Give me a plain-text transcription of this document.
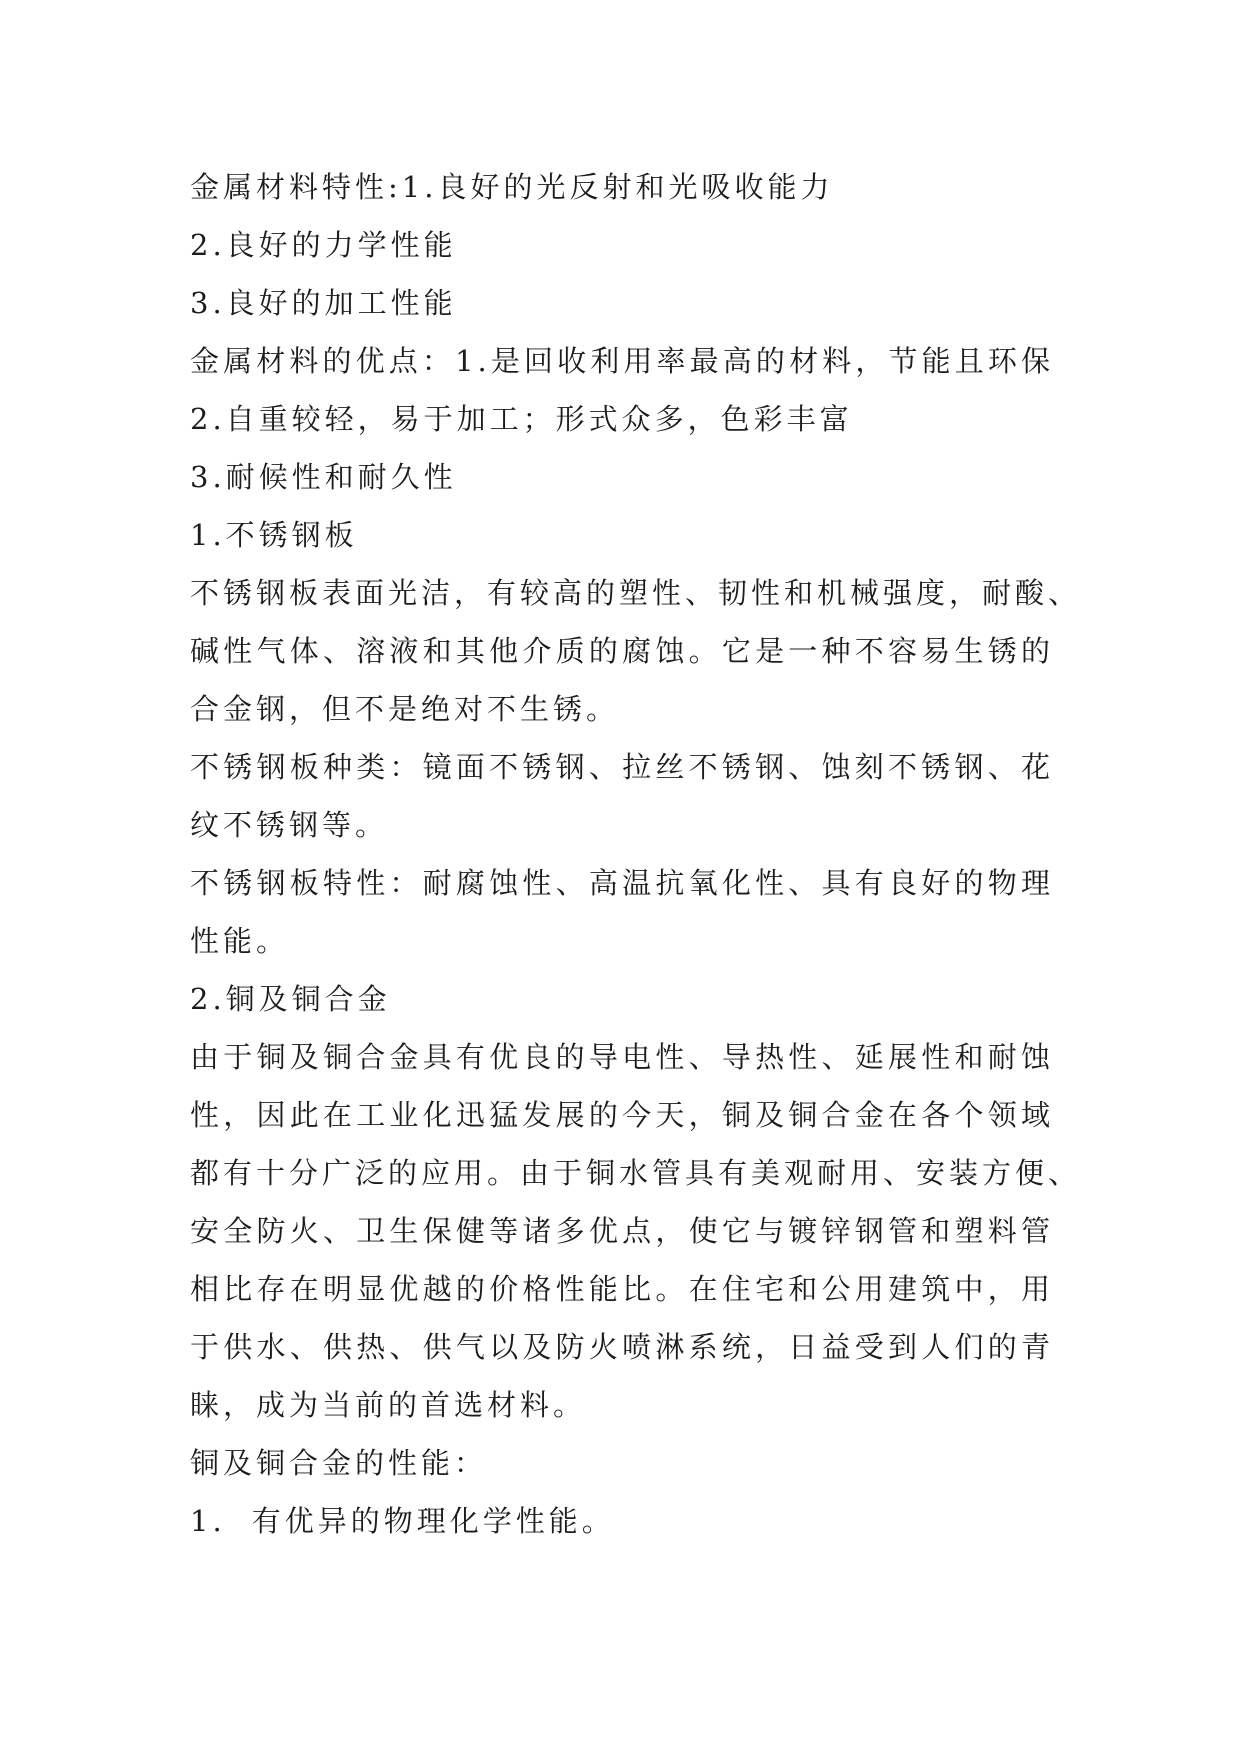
金属材料特性:1.良好的光反射和光吸收能力
2.良好的力学性能
3.良好的加工性能
金属材料的优点：1.是回收利用率最高的材料，节能且环保
2.自重较轻，易于加工；形式众多，色彩丰富
3.耐候性和耐久性
1.不锈钢板
不锈钢板表面光洁，有较高的塑性、韧性和机械强度，耐酸、
碱性气体、溶液和其他介质的腐蚀。它是一种不容易生锈的
合金钢，但不是绝对不生锈。
不锈钢板种类：镜面不锈钢、拉丝不锈钢、蚀刻不锈钢、花
纹不锈钢等。
不锈钢板特性：耐腐蚀性、高温抗氧化性、具有良好的物理
性能。
2.铜及铜合金
由于铜及铜合金具有优良的导电性、导热性、延展性和耐蚀
性，因此在工业化迅猛发展的今天，铜及铜合金在各个领域
都有十分广泛的应用。由于铜水管具有美观耐用、安装方便、
安全防火、卫生保健等诸多优点，使它与镀锌钢管和塑料管
相比存在明显优越的价格性能比。在住宅和公用建筑中，用
于供水、供热、供气以及防火喷淋系统，日益受到人们的青
睐，成为当前的首选材料。
铜及铜合金的性能：
1. 有优异的物理化学性能。
